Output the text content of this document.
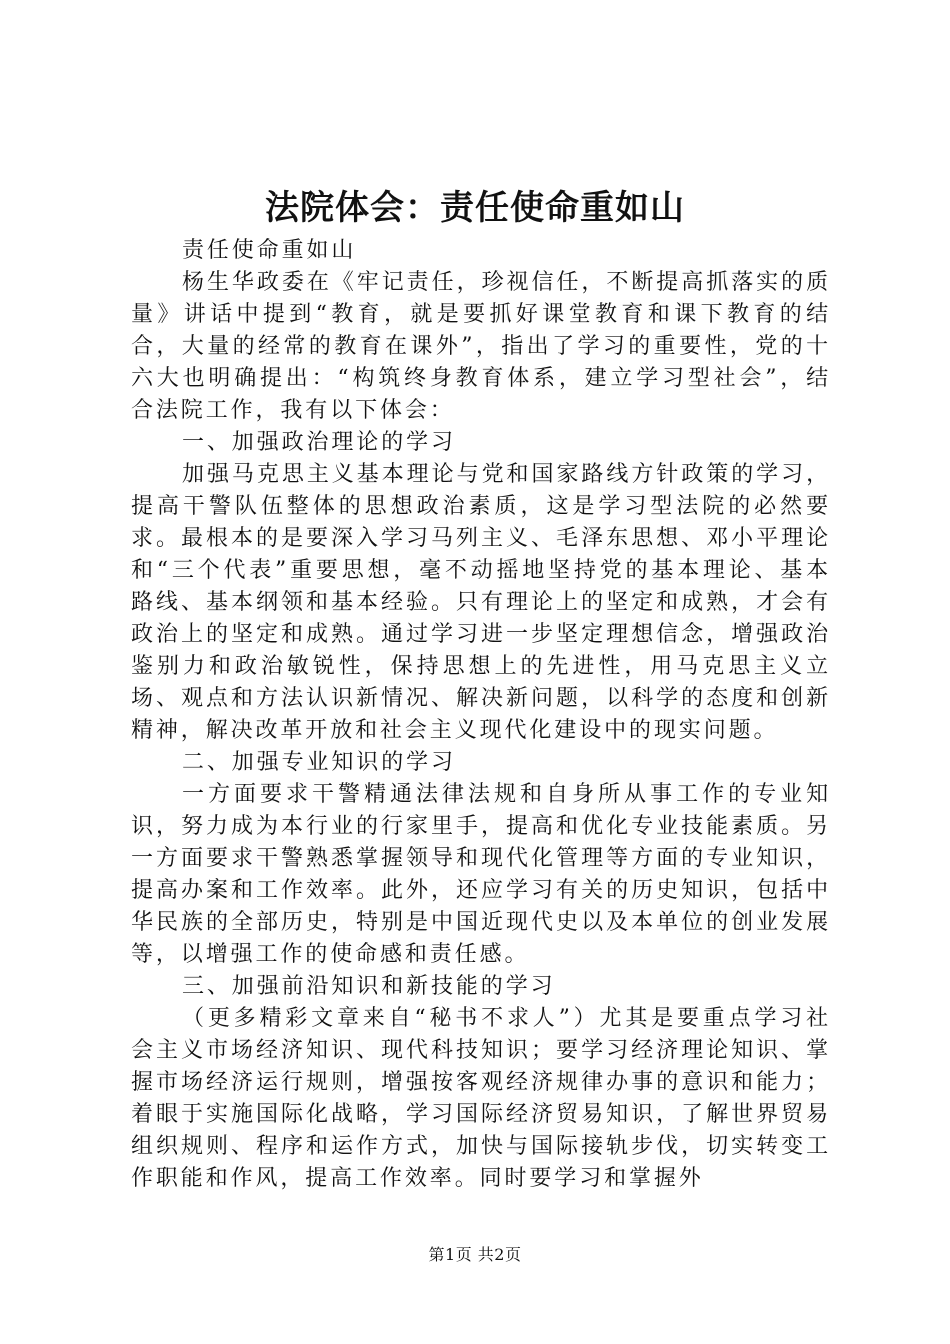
法院体会：责任使命重如山

责任使命重如山

杨生华政委在《牢记责任，珍视信任，不断提高抓落实的质量》讲话中提到“教育，就是要抓好课堂教育和课下教育的结合，大量的经常的教育在课外”，指出了学习的重要性，党的十六大也明确提出：“构筑终身教育体系，建立学习型社会”，结合法院工作，我有以下体会：

一、加强政治理论的学习

加强马克思主义基本理论与党和国家路线方针政策的学习，提高干警队伍整体的思想政治素质，这是学习型法院的必然要求。最根本的是要深入学习马列主义、毛泽东思想、邓小平理论和“三个代表”重要思想，毫不动摇地坚持党的基本理论、基本路线、基本纲领和基本经验。只有理论上的坚定和成熟，才会有政治上的坚定和成熟。通过学习进一步坚定理想信念，增强政治鉴别力和政治敏锐性，保持思想上的先进性，用马克思主义立场、观点和方法认识新情况、解决新问题，以科学的态度和创新精神，解决改革开放和社会主义现代化建设中的现实问题。

二、加强专业知识的学习

一方面要求干警精通法律法规和自身所从事工作的专业知识，努力成为本行业的行家里手，提高和优化专业技能素质。另一方面要求干警熟悉掌握领导和现代化管理等方面的专业知识，提高办案和工作效率。此外，还应学习有关的历史知识，包括中华民族的全部历史，特别是中国近现代史以及本单位的创业发展等，以增强工作的使命感和责任感。

三、加强前沿知识和新技能的学习

（更多精彩文章来自“秘书不求人”）尤其是要重点学习社会主义市场经济知识、现代科技知识；要学习经济理论知识、掌握市场经济运行规则，增强按客观经济规律办事的意识和能力；着眼于实施国际化战略，学习国际经济贸易知识，了解世界贸易组织规则、程序和运作方式，加快与国际接轨步伐，切实转变工作职能和作风，提高工作效率。同时要学习和掌握外

第1页 共2页
